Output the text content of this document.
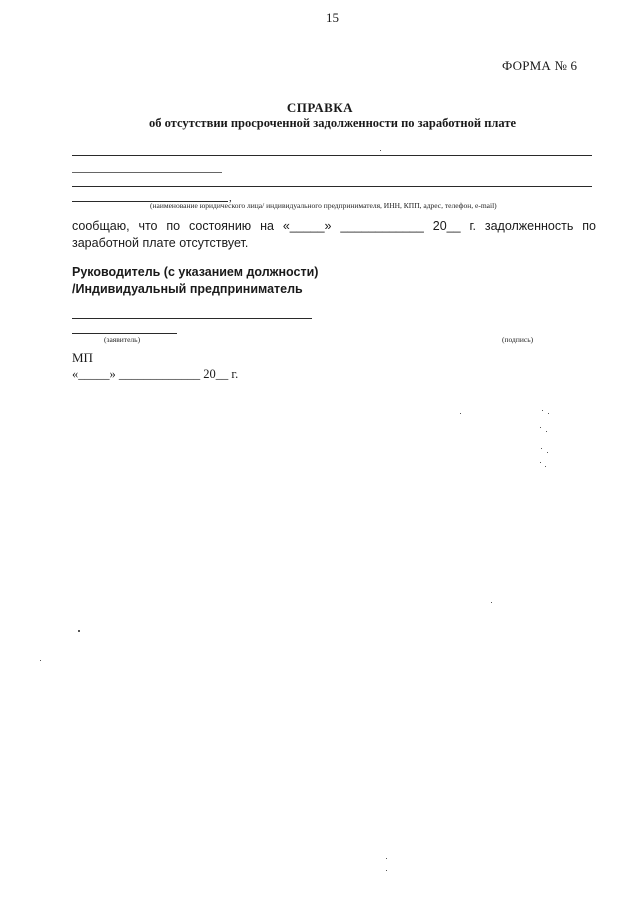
15
ФОРМА № 6
СПРАВКА
об отсутствии просроченной задолженности по заработной плате
,
(наименование юридического лица/ индивидуального предпринимателя, ИНН, КПП, адрес, телефон, e-mail)
сообщаю, что по состоянию на «_____» ____________ 20__ г. задолженность по заработной плате отсутствует.
Руководитель (с указанием должности)
/Индивидуальный предприниматель
(заявитель)	(подпись)
МП
«_____» _____________ 20__ г.
